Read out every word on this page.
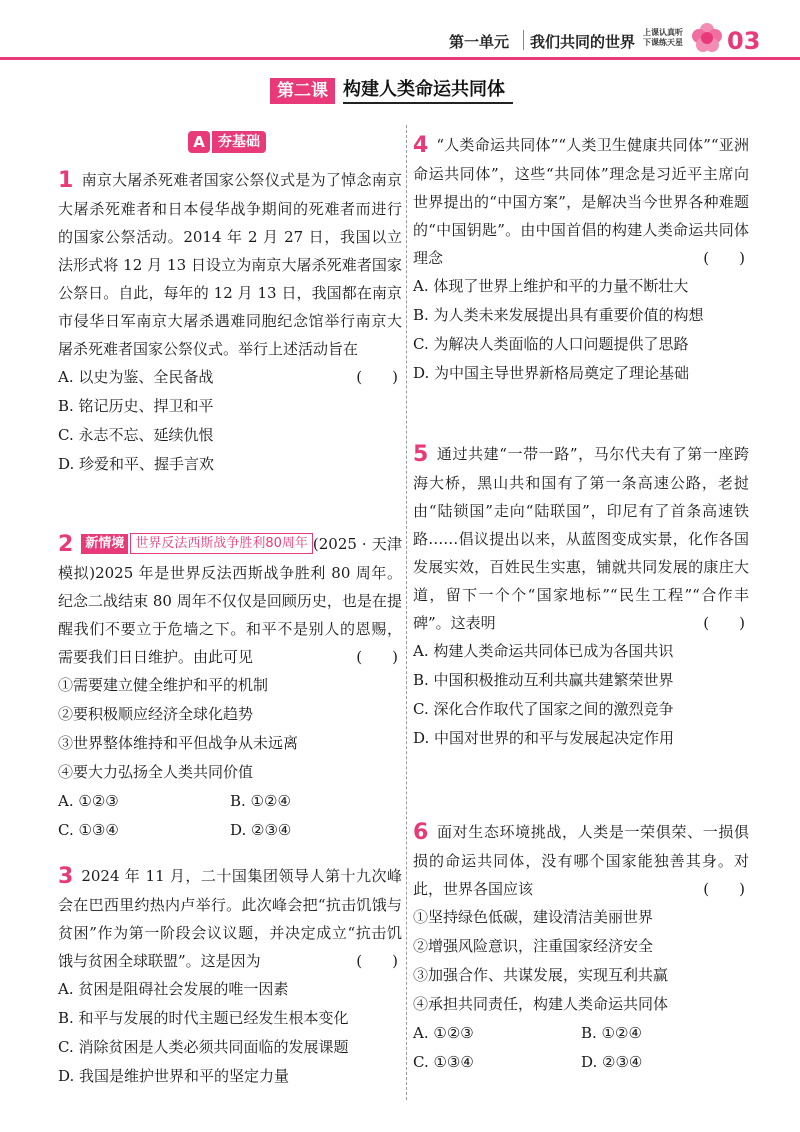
第一单元 我们共同的世界
上课认真听
下课练天星	03
第二课 构建人类命运共同体
A 夯基础
1 南京大屠杀死难者国家公祭仪式是为了悼念南京大屠杀死难者和日本侵华战争期间的死难者而进行的国家公祭活动。2014 年 2 月 27 日，我国以立法形式将 12 月 13 日设立为南京大屠杀死难者国家公祭日。自此，每年的 12 月 13 日，我国都在南京市侵华日军南京大屠杀遇难同胞纪念馆举行南京大屠杀死难者国家公祭仪式。举行上述活动旨在
(　　)
A. 以史为鉴、全民备战
B. 铭记历史、捍卫和平
C. 永志不忘、延续仇恨
D. 珍爱和平、握手言欢
2 新情境 世界反法西斯战争胜利80周年 (2025 · 天津模拟)2025 年是世界反法西斯战争胜利 80 周年。纪念二战结束 80 周年不仅仅是回顾历史，也是在提醒我们不要立于危墙之下。和平不是别人的恩赐，需要我们日日维护。由此可见	(　　)
①需要建立健全维护和平的机制
②要积极顺应经济全球化趋势
③世界整体维持和平但战争从未远离
④要大力弘扬全人类共同价值
A. ①②③	B. ①②④
C. ①③④	D. ②③④
3 2024 年 11 月，二十国集团领导人第十九次峰会在巴西里约热内卢举行。此次峰会把“抗击饥饿与贫困”作为第一阶段会议议题，并决定成立“抗击饥饿与贫困全球联盟”。这是因为	(　　)
A. 贫困是阻碍社会发展的唯一因素
B. 和平与发展的时代主题已经发生根本变化
C. 消除贫困是人类必须共同面临的发展课题
D. 我国是维护世界和平的坚定力量
4 “人类命运共同体”“人类卫生健康共同体”“亚洲命运共同体”，这些“共同体”理念是习近平主席向世界提出的“中国方案”，是解决当今世界各种难题的“中国钥匙”。由中国首倡的构建人类命运共同体理念	(　　)
A. 体现了世界上维护和平的力量不断壮大
B. 为人类未来发展提出具有重要价值的构想
C. 为解决人类面临的人口问题提供了思路
D. 为中国主导世界新格局奠定了理论基础
5 通过共建“一带一路”，马尔代夫有了第一座跨海大桥，黑山共和国有了第一条高速公路，老挝由“陆锁国”走向“陆联国”，印尼有了首条高速铁路……倡议提出以来，从蓝图变成实景，化作各国发展实效，百姓民生实惠，铺就共同发展的康庄大道，留下一个个“国家地标”“民生工程”“合作丰碑”。这表明	(　　)
A. 构建人类命运共同体已成为各国共识
B. 中国积极推动互利共赢共建繁荣世界
C. 深化合作取代了国家之间的激烈竞争
D. 中国对世界的和平与发展起决定作用
6 面对生态环境挑战，人类是一荣俱荣、一损俱损的命运共同体，没有哪个国家能独善其身。对此，世界各国应该	(　　)
①坚持绿色低碳，建设清洁美丽世界
②增强风险意识，注重国家经济安全
③加强合作、共谋发展，实现互利共赢
④承担共同责任，构建人类命运共同体
A. ①②③	B. ①②④
C. ①③④	D. ②③④
